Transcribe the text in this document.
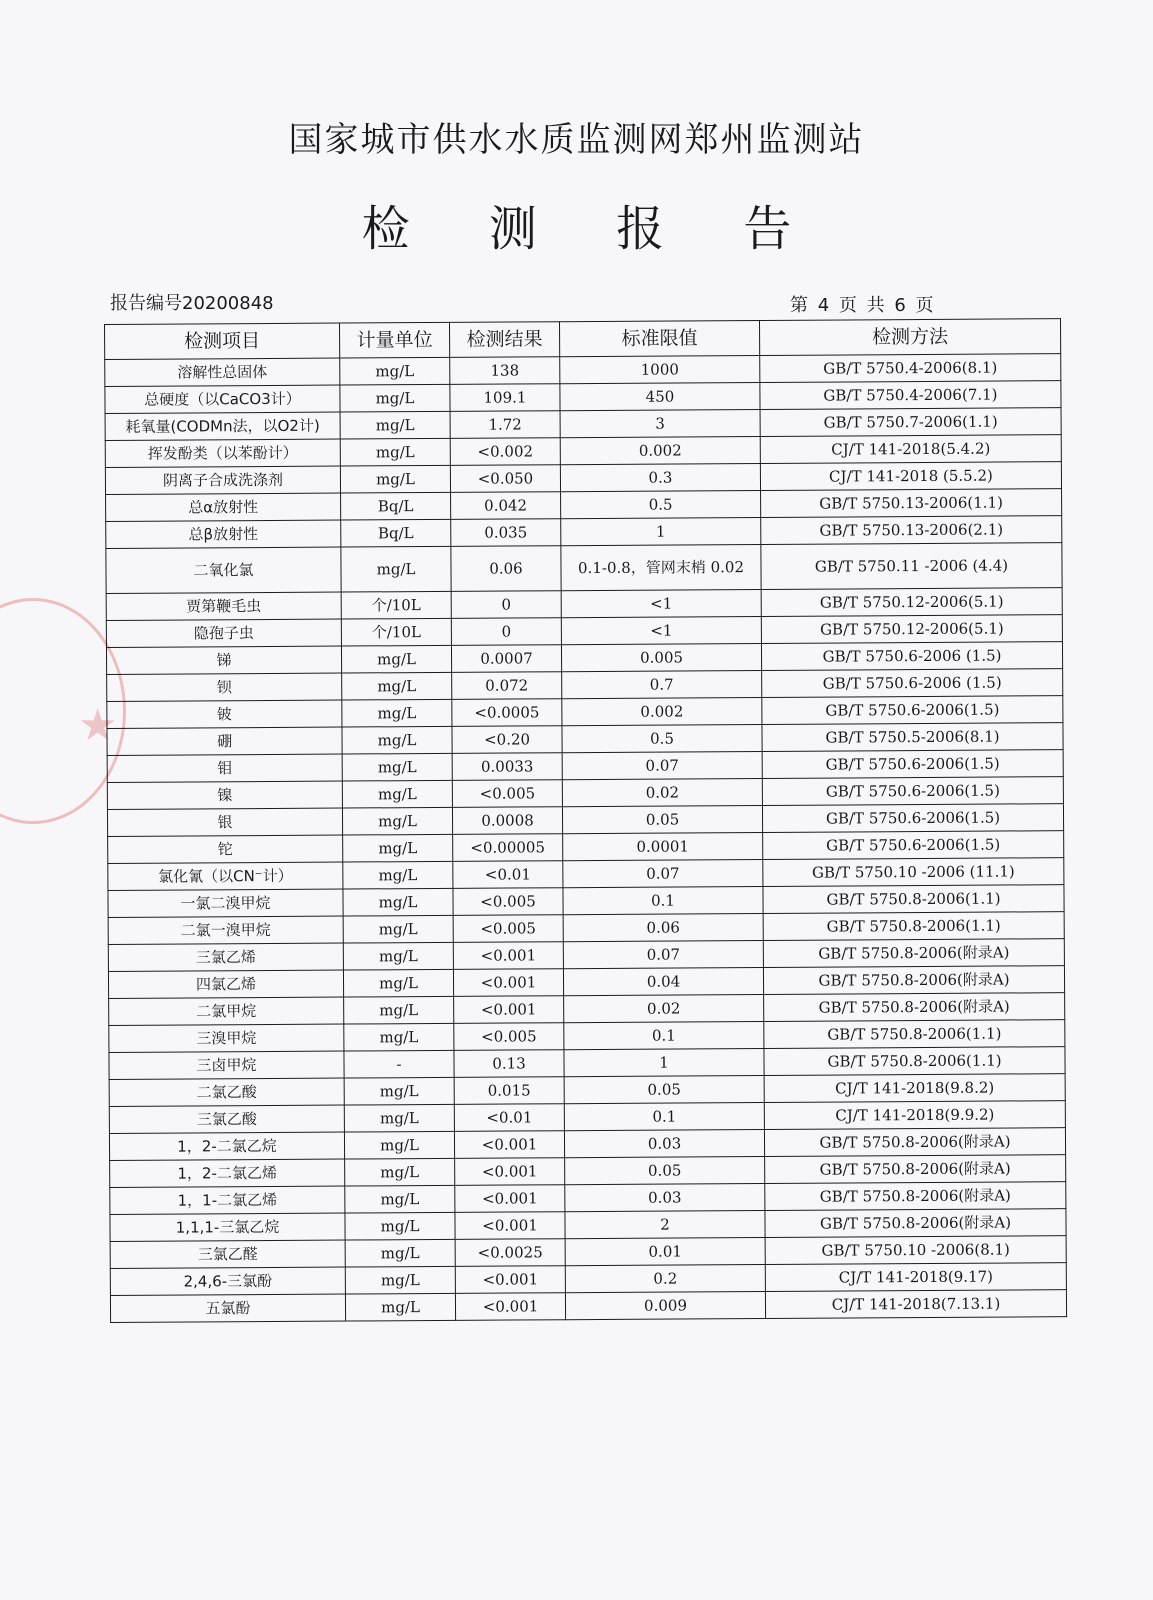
★
国家城市供水水质监测网郑州监测站
检 测 报 告
报告编号20200848	第 4 页 共 6 页
检测项目	计量单位	检测结果	标准限值	检测方法
溶解性总固体	mg/L	138	1000	GB/T 5750.4-2006(8.1)
总硬度（以CaCO3计）	mg/L	109.1	450	GB/T 5750.4-2006(7.1)
耗氧量(CODMn法，以O2计)	mg/L	1.72	3	GB/T 5750.7-2006(1.1)
挥发酚类（以苯酚计）	mg/L	<0.002	0.002	CJ/T 141-2018(5.4.2)
阴离子合成洗涤剂	mg/L	<0.050	0.3	CJ/T 141-2018 (5.5.2)
总α放射性	Bq/L	0.042	0.5	GB/T 5750.13-2006(1.1)
总β放射性	Bq/L	0.035	1	GB/T 5750.13-2006(2.1)
二氧化氯	mg/L	0.06	0.1-0.8，管网末梢 0.02	GB/T 5750.11 -2006 (4.4)
贾第鞭毛虫	个/10L	0	<1	GB/T 5750.12-2006(5.1)
隐孢子虫	个/10L	0	<1	GB/T 5750.12-2006(5.1)
锑	mg/L	0.0007	0.005	GB/T 5750.6-2006 (1.5)
钡	mg/L	0.072	0.7	GB/T 5750.6-2006 (1.5)
铍	mg/L	<0.0005	0.002	GB/T 5750.6-2006(1.5)
硼	mg/L	<0.20	0.5	GB/T 5750.5-2006(8.1)
钼	mg/L	0.0033	0.07	GB/T 5750.6-2006(1.5)
镍	mg/L	<0.005	0.02	GB/T 5750.6-2006(1.5)
银	mg/L	0.0008	0.05	GB/T 5750.6-2006(1.5)
铊	mg/L	<0.00005	0.0001	GB/T 5750.6-2006(1.5)
氯化氰（以CN⁻计）	mg/L	<0.01	0.07	GB/T 5750.10 -2006 (11.1)
一氯二溴甲烷	mg/L	<0.005	0.1	GB/T 5750.8-2006(1.1)
二氯一溴甲烷	mg/L	<0.005	0.06	GB/T 5750.8-2006(1.1)
三氯乙烯	mg/L	<0.001	0.07	GB/T 5750.8-2006(附录A)
四氯乙烯	mg/L	<0.001	0.04	GB/T 5750.8-2006(附录A)
二氯甲烷	mg/L	<0.001	0.02	GB/T 5750.8-2006(附录A)
三溴甲烷	mg/L	<0.005	0.1	GB/T 5750.8-2006(1.1)
三卤甲烷	-	0.13	1	GB/T 5750.8-2006(1.1)
二氯乙酸	mg/L	0.015	0.05	CJ/T 141-2018(9.8.2)
三氯乙酸	mg/L	<0.01	0.1	CJ/T 141-2018(9.9.2)
1，2-二氯乙烷	mg/L	<0.001	0.03	GB/T 5750.8-2006(附录A)
1，2-二氯乙烯	mg/L	<0.001	0.05	GB/T 5750.8-2006(附录A)
1，1-二氯乙烯	mg/L	<0.001	0.03	GB/T 5750.8-2006(附录A)
1,1,1-三氯乙烷	mg/L	<0.001	2	GB/T 5750.8-2006(附录A)
三氯乙醛	mg/L	<0.0025	0.01	GB/T 5750.10 -2006(8.1)
2,4,6-三氯酚	mg/L	<0.001	0.2	CJ/T 141-2018(9.17)
五氯酚	mg/L	<0.001	0.009	CJ/T 141-2018(7.13.1)
